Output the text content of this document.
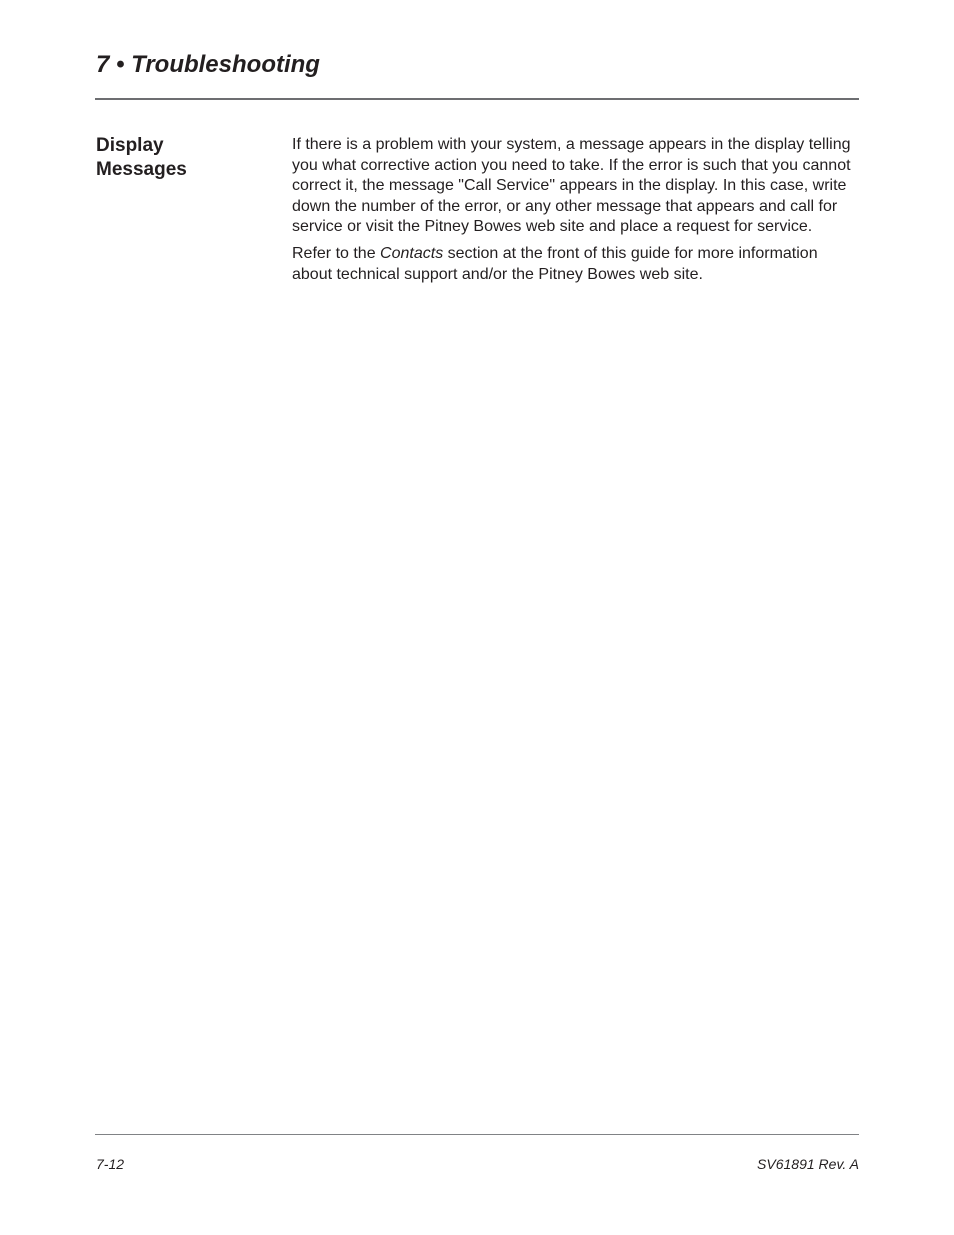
7 • Troubleshooting
Display
Messages

If there is a problem with your system, a message appears in the display telling you what corrective action you need to take. If the error is such that you cannot correct it, the message "Call Service" appears in the display. In this case, write down the number of the error, or any other message that appears and call for service or visit the Pitney Bowes web site and place a request for service.

Refer to the Contacts section at the front of this guide for more information about technical support and/or the Pitney Bowes web site.

7-12	SV61891 Rev. A
